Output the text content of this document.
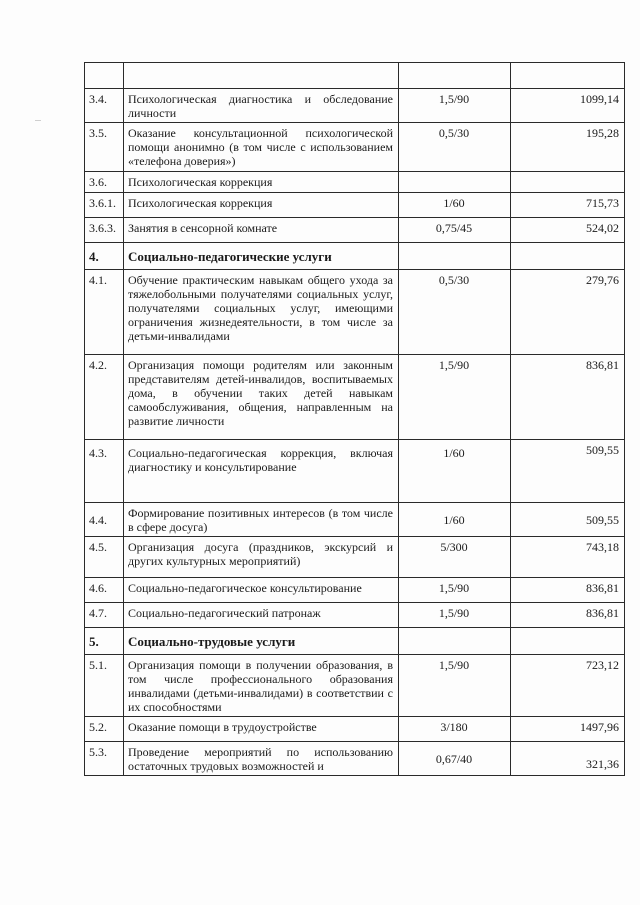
3.4.	Психологическая диагностика и обследование личности	1,5/90	1099,14
3.5.	Оказание консультационной психологической помощи анонимно (в том числе с использованием «телефона доверия»)	0,5/30	195,28
3.6.	Психологическая коррекция		
3.6.1.	Психологическая коррекция	1/60	715,73
3.6.3.	Занятия в сенсорной комнате	0,75/45	524,02
4.	Социально-педагогические услуги		
4.1.	Обучение практическим навыкам общего ухода за тяжелобольными получателями социальных услуг, получателями социальных услуг, имеющими ограничения жизнедеятельности, в том числе за детьми-инвалидами	0,5/30	279,76
4.2.	Организация помощи родителям или законным представителям детей-инвалидов, воспитываемых дома, в обучении таких детей навыкам самообслуживания, общения, направленным на развитие личности	1,5/90	836,81
4.3.	Социально-педагогическая коррекция, включая диагностику и консультирование	1/60	509,55
4.4.	Формирование позитивных интересов (в том числе в сфере досуга)	1/60	509,55
4.5.	Организация досуга (праздников, экскурсий и других культурных мероприятий)	5/300	743,18
4.6.	Социально-педагогическое консультирование	1,5/90	836,81
4.7.	Социально-педагогический патронаж	1,5/90	836,81
5.	Социально-трудовые услуги		
5.1.	Организация помощи в получении образования, в том числе профессионального образования инвалидами (детьми-инвалидами) в соответствии с их способностями	1,5/90	723,12
5.2.	Оказание помощи в трудоустройстве	3/180	1497,96
5.3.	Проведение мероприятий по использованию остаточных трудовых возможностей и	0,67/40	321,36
